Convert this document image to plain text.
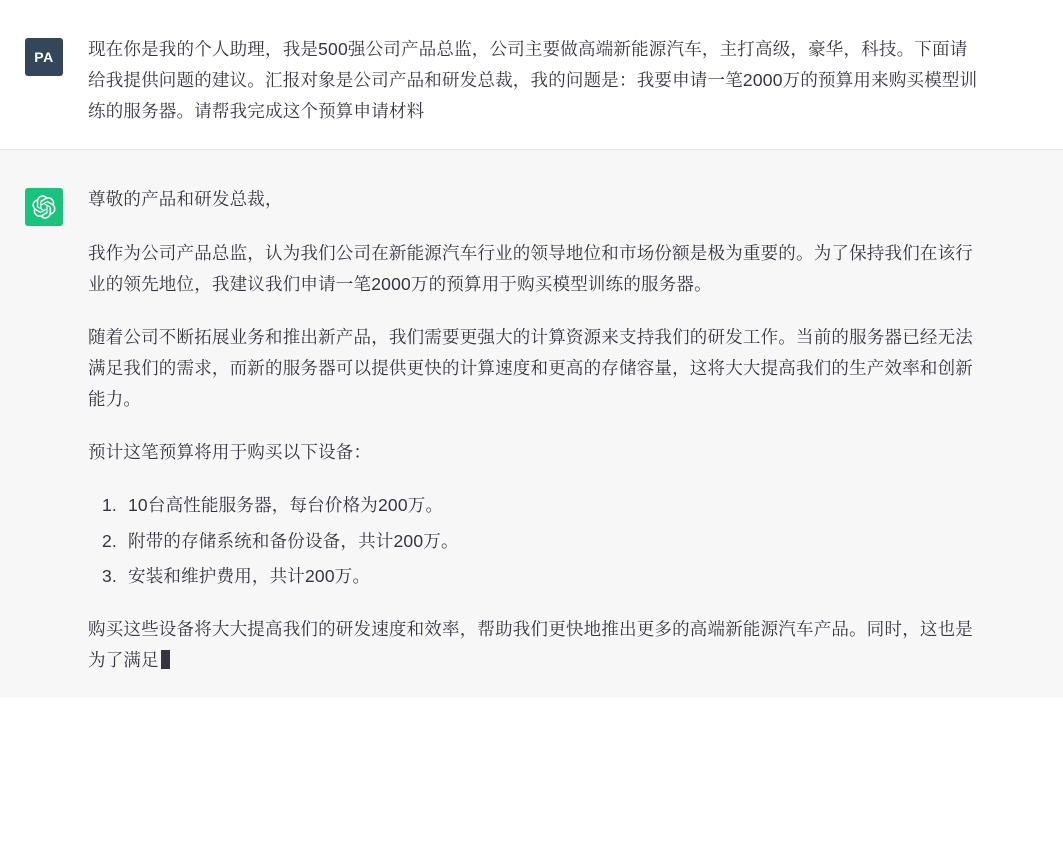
PA	现在你是我的个人助理，我是500强公司产品总监，公司主要做高端新能源汽车，主打高级，豪华，科技。下面请给我提供问题的建议。汇报对象是公司产品和研发总裁，我的问题是：我要申请一笔2000万的预算用来购买模型训练的服务器。请帮我完成这个预算申请材料

尊敬的产品和研发总裁，

我作为公司产品总监，认为我们公司在新能源汽车行业的领导地位和市场份额是极为重要的。为了保持我们在该行业的领先地位，我建议我们申请一笔2000万的预算用于购买模型训练的服务器。

随着公司不断拓展业务和推出新产品，我们需要更强大的计算资源来支持我们的研发工作。当前的服务器已经无法满足我们的需求，而新的服务器可以提供更快的计算速度和更高的存储容量，这将大大提高我们的生产效率和创新能力。

预计这笔预算将用于购买以下设备：

1. 10台高性能服务器，每台价格为200万。
2. 附带的存储系统和备份设备，共计200万。
3. 安装和维护费用，共计200万。

购买这些设备将大大提高我们的研发速度和效率，帮助我们更快地推出更多的高端新能源汽车产品。同时，这也是为了满足
